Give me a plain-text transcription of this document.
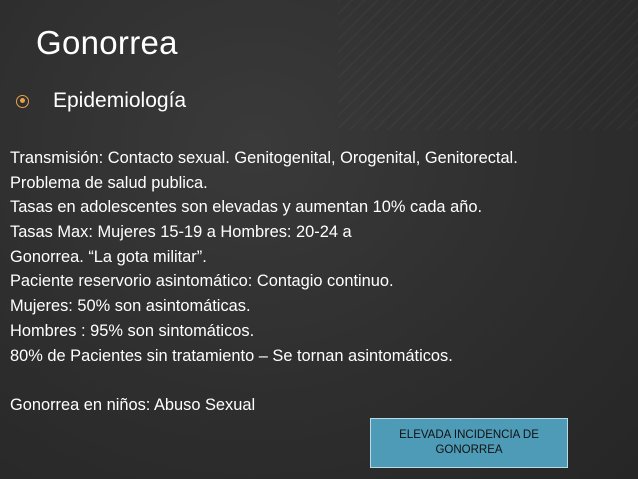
Gonorrea
Epidemiología
Transmisión: Contacto sexual. Genitogenital, Orogenital, Genitorectal.
Problema de salud publica.
Tasas en adolescentes son elevadas y aumentan 10% cada año.
Tasas Max: Mujeres 15-19 a Hombres: 20-24 a
Gonorrea. “La gota militar”.
Paciente reservorio asintomático: Contagio continuo.
Mujeres: 50% son asintomáticas.
Hombres : 95% son sintomáticos.
80% de Pacientes sin tratamiento – Se tornan asintomáticos.
Gonorrea en niños: Abuso Sexual
ELEVADA INCIDENCIA DE
GONORREA
